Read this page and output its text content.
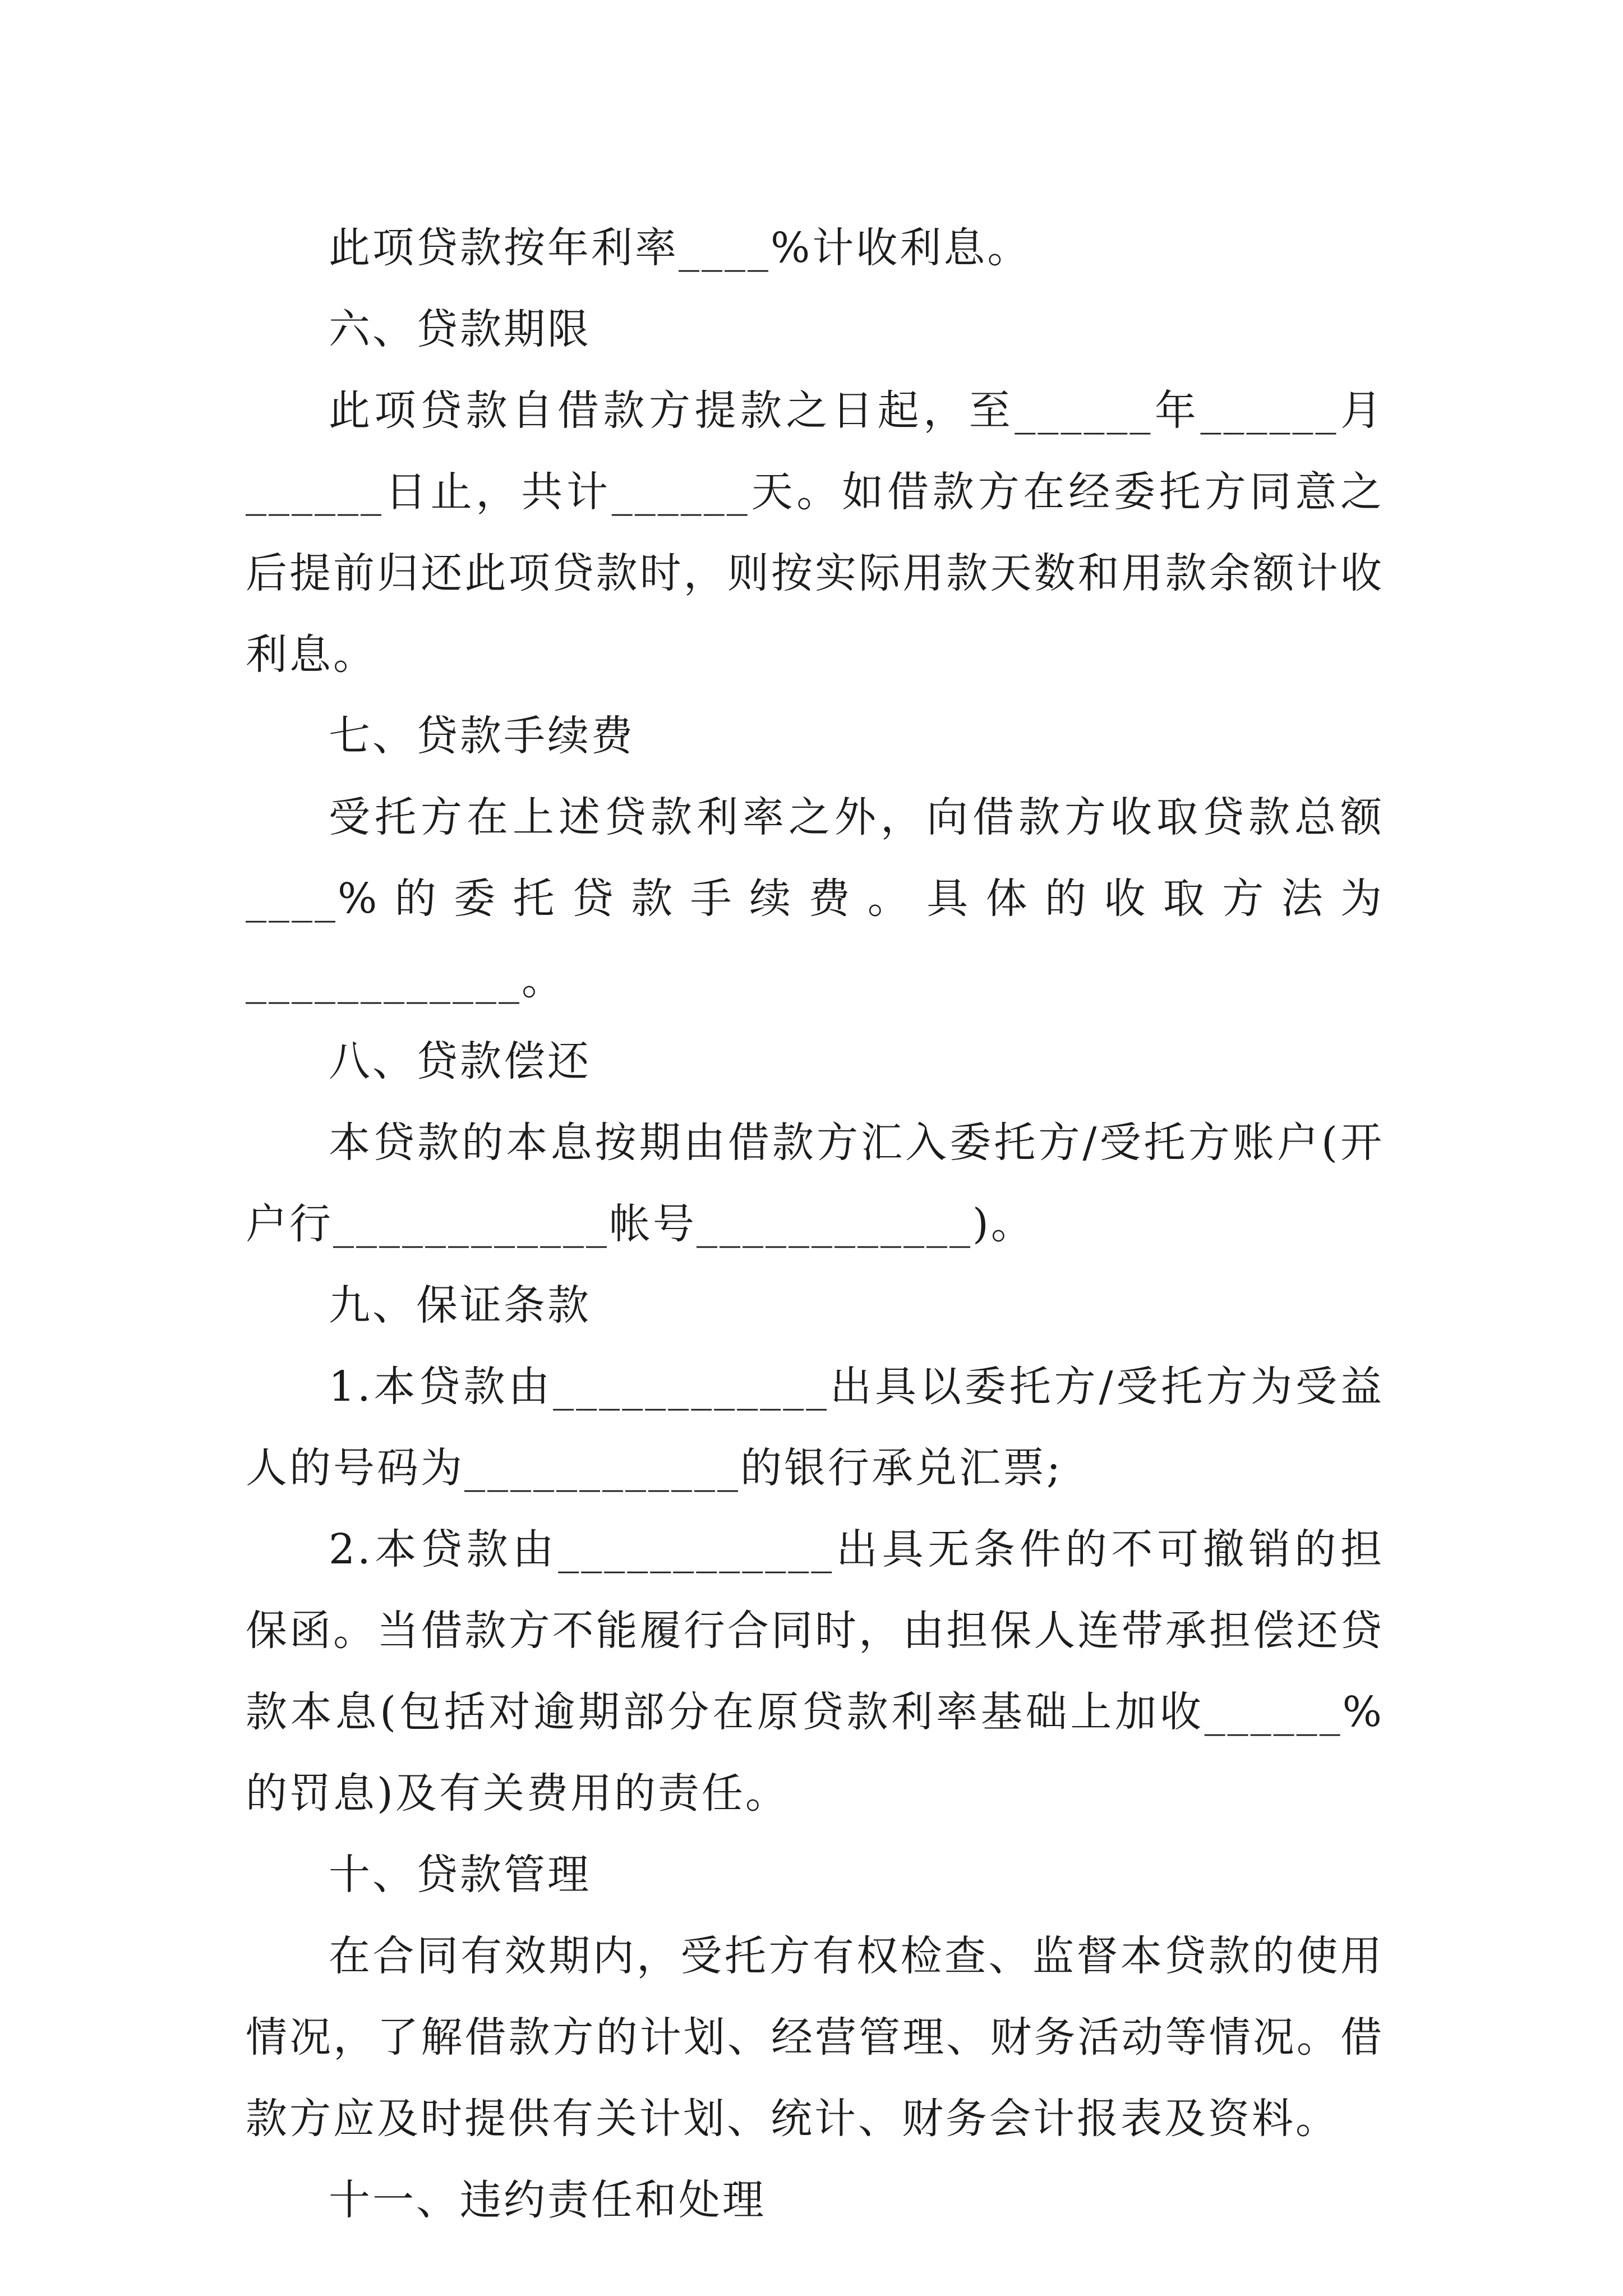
此项贷款按年利率____%计收利息。

六、贷款期限

此项贷款自借款方提款之日起，至______年______月______日止，共计______天。如借款方在经委托方同意之后提前归还此项贷款时，则按实际用款天数和用款余额计收利息。

七、贷款手续费

受托方在上述贷款利率之外，向借款方收取贷款总额____%的委托贷款手续费。具体的收取方法为____________。

八、贷款偿还

本贷款的本息按期由借款方汇入委托方/受托方账户(开户行____________帐号____________)。

九、保证条款

1.本贷款由____________出具以委托方/受托方为受益人的号码为____________的银行承兑汇票;

2.本贷款由____________出具无条件的不可撤销的担保函。当借款方不能履行合同时，由担保人连带承担偿还贷款本息(包括对逾期部分在原贷款利率基础上加收______%的罚息)及有关费用的责任。

十、贷款管理

在合同有效期内，受托方有权检查、监督本贷款的使用情况，了解借款方的计划、经营管理、财务活动等情况。借款方应及时提供有关计划、统计、财务会计报表及资料。

十一、违约责任和处理
